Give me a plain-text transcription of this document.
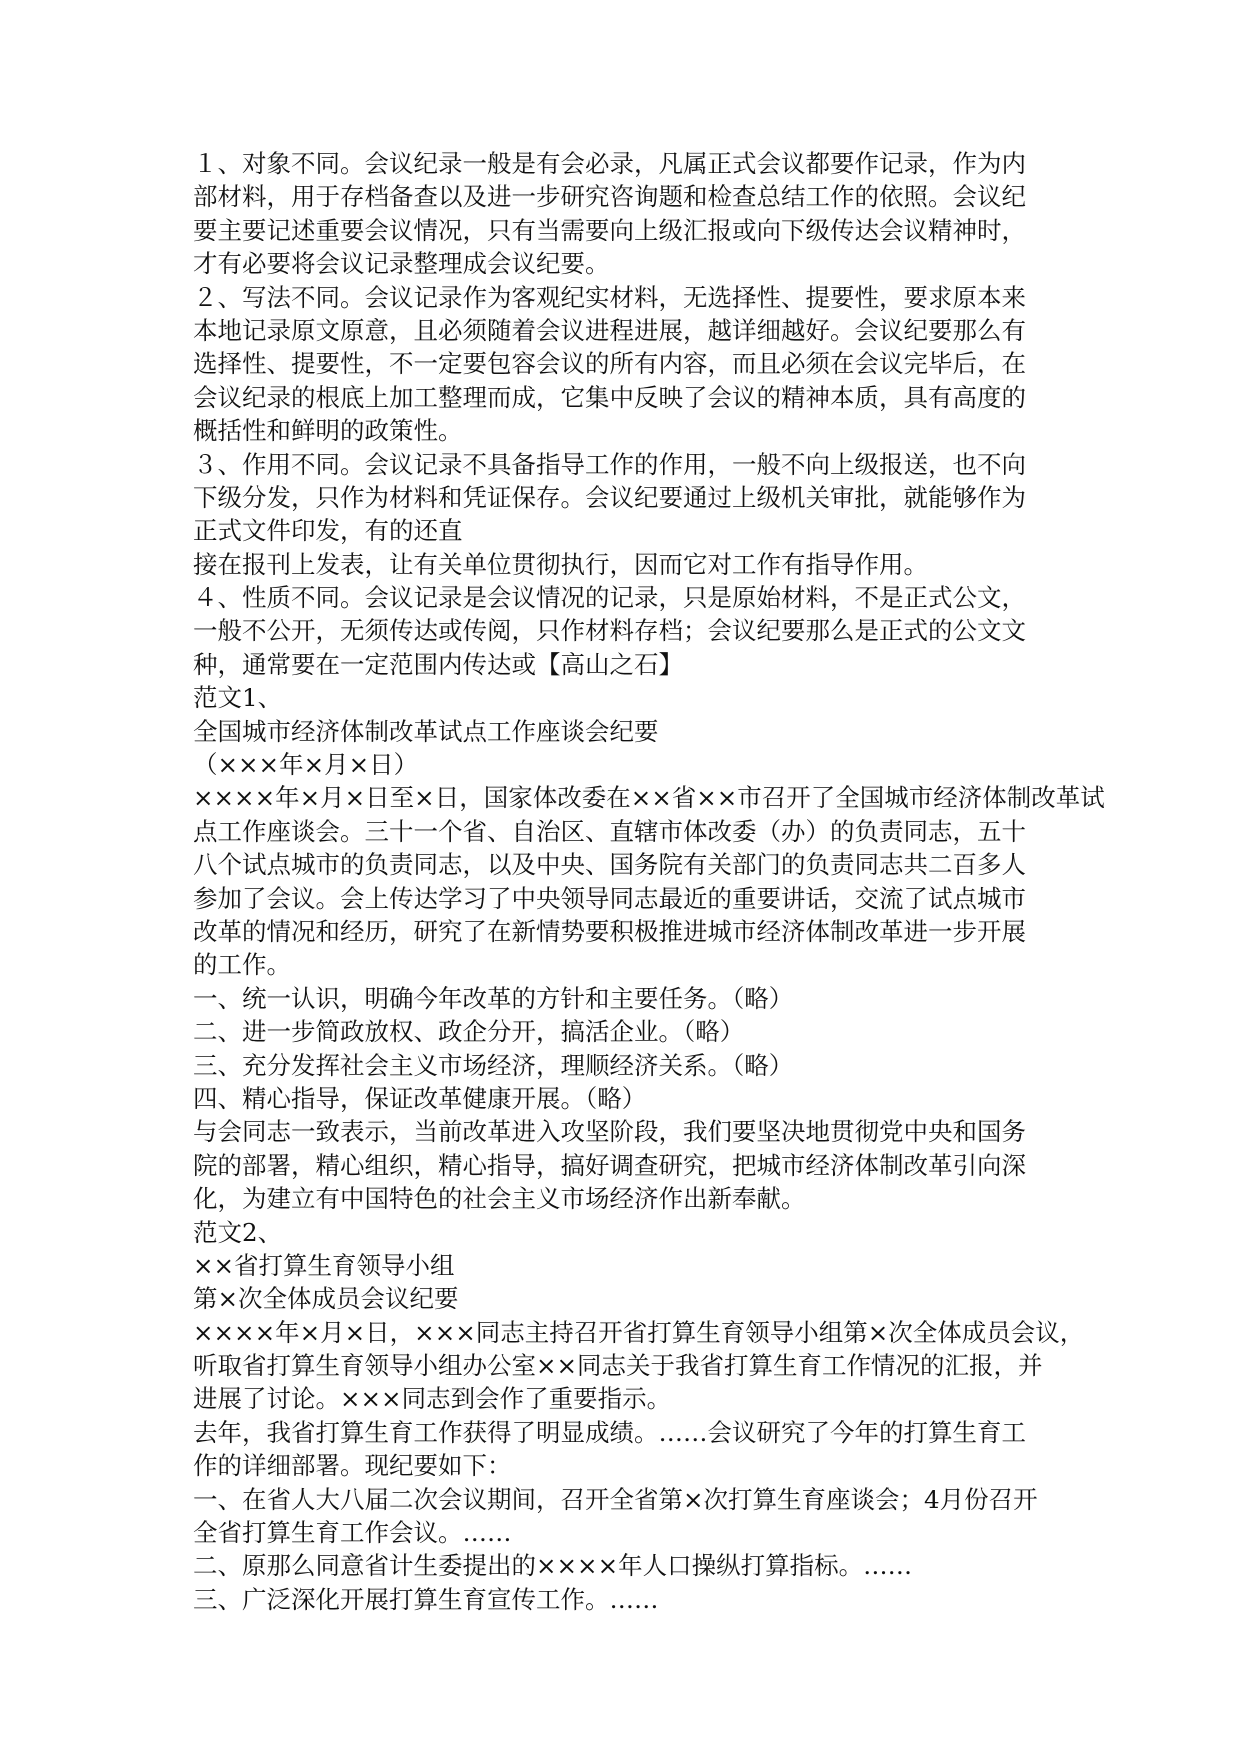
１、对象不同。会议纪录一般是有会必录，凡属正式会议都要作记录，作为内
部材料，用于存档备查以及进一步研究咨询题和检查总结工作的依照。会议纪
要主要记述重要会议情况，只有当需要向上级汇报或向下级传达会议精神时，
才有必要将会议记录整理成会议纪要。
２、写法不同。会议记录作为客观纪实材料，无选择性、提要性，要求原本来
本地记录原文原意，且必须随着会议进程进展，越详细越好。会议纪要那么有
选择性、提要性，不一定要包容会议的所有内容，而且必须在会议完毕后，在
会议纪录的根底上加工整理而成，它集中反映了会议的精神本质，具有高度的
概括性和鲜明的政策性。
３、作用不同。会议记录不具备指导工作的作用，一般不向上级报送，也不向
下级分发，只作为材料和凭证保存。会议纪要通过上级机关审批，就能够作为
正式文件印发，有的还直
接在报刊上发表，让有关单位贯彻执行，因而它对工作有指导作用。
４、性质不同。会议记录是会议情况的记录，只是原始材料，不是正式公文，
一般不公开，无须传达或传阅，只作材料存档；会议纪要那么是正式的公文文
种，通常要在一定范围内传达或【高山之石】
范文1、
全国城市经济体制改革试点工作座谈会纪要
（×××年×月×日）
××××年×月×日至×日，国家体改委在××省××市召开了全国城市经济体制改革试
点工作座谈会。三十一个省、自治区、直辖市体改委（办）的负责同志，五十
八个试点城市的负责同志，以及中央、国务院有关部门的负责同志共二百多人
参加了会议。会上传达学习了中央领导同志最近的重要讲话，交流了试点城市
改革的情况和经历，研究了在新情势要积极推进城市经济体制改革进一步开展
的工作。
一、统一认识，明确今年改革的方针和主要任务。（略）
二、进一步简政放权、政企分开，搞活企业。（略）
三、充分发挥社会主义市场经济，理顺经济关系。（略）
四、精心指导，保证改革健康开展。（略）
与会同志一致表示，当前改革进入攻坚阶段，我们要坚决地贯彻党中央和国务
院的部署，精心组织，精心指导，搞好调查研究，把城市经济体制改革引向深
化，为建立有中国特色的社会主义市场经济作出新奉献。
范文2、
××省打算生育领导小组
第×次全体成员会议纪要
××××年×月×日，×××同志主持召开省打算生育领导小组第×次全体成员会议，
听取省打算生育领导小组办公室××同志关于我省打算生育工作情况的汇报，并
进展了讨论。×××同志到会作了重要指示。
去年，我省打算生育工作获得了明显成绩。……会议研究了今年的打算生育工
作的详细部署。现纪要如下：
一、在省人大八届二次会议期间，召开全省第×次打算生育座谈会；4月份召开
全省打算生育工作会议。……
二、原那么同意省计生委提出的××××年人口操纵打算指标。……
三、广泛深化开展打算生育宣传工作。……
